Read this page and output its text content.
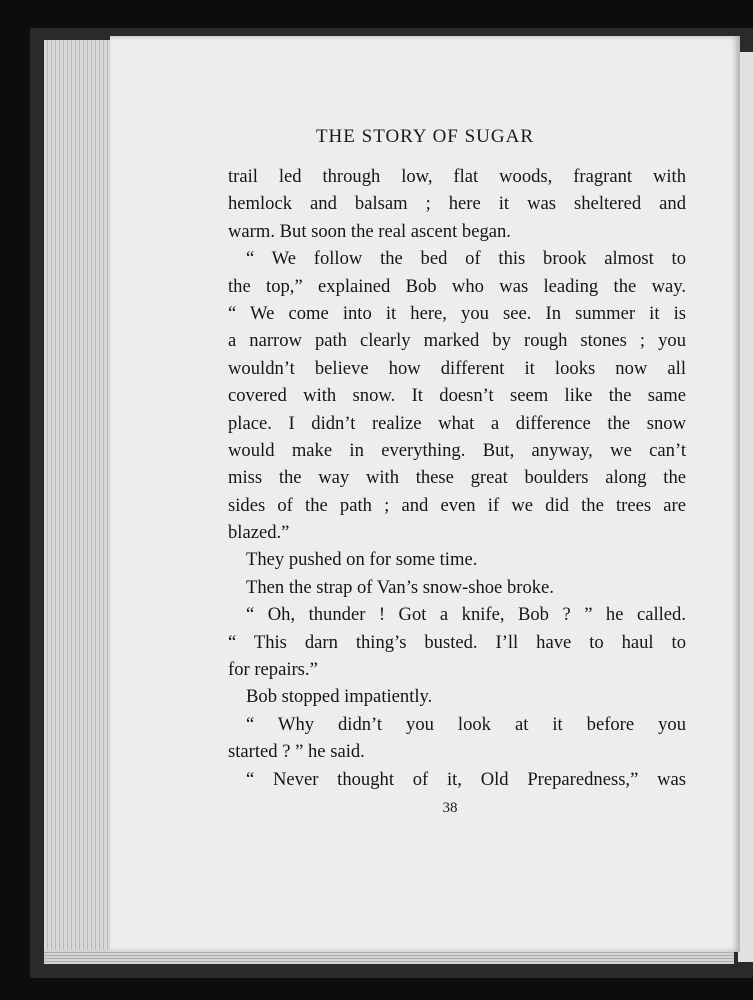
THE STORY OF SUGAR
trail led through low, flat woods, fragrant with
hemlock and balsam ; here it was sheltered and
warm. But soon the real ascent began.
“ We follow the bed of this brook almost to
the top,” explained Bob who was leading the way.
“ We come into it here, you see. In summer it is
a narrow path clearly marked by rough stones ; you
wouldn’t believe how different it looks now all
covered with snow. It doesn’t seem like the same
place. I didn’t realize what a difference the snow
would make in everything. But, anyway, we can’t
miss the way with these great boulders along the
sides of the path ; and even if we did the trees are
blazed.”
They pushed on for some time.
Then the strap of Van’s snow-shoe broke.
“ Oh, thunder ! Got a knife, Bob ? ” he called.
“ This darn thing’s busted. I’ll have to haul to
for repairs.”
Bob stopped impatiently.
“ Why didn’t you look at it before you
started ? ” he said.
“ Never thought of it, Old Preparedness,” was
38
